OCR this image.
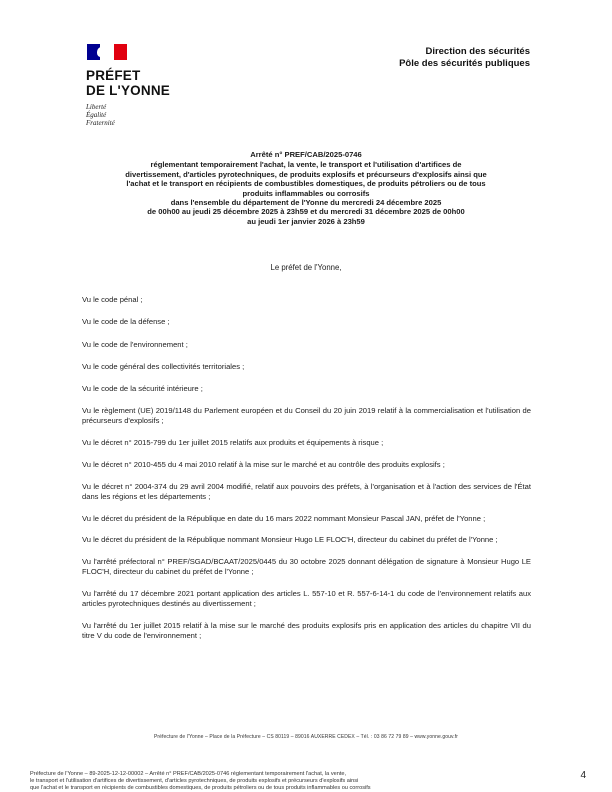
PRÉFET
DE L'YONNE
Liberté
Égalité
Fraternité
Direction des sécurités
Pôle des sécurités publiques
Arrêté n° PREF/CAB/2025-0746
réglementant temporairement l'achat, la vente, le transport et l'utilisation d'artifices de
divertissement, d'articles pyrotechniques, de produits explosifs et précurseurs d'explosifs ainsi que
l'achat et le transport en récipients de combustibles domestiques, de produits pétroliers ou de tous
produits inflammables ou corrosifs
dans l'ensemble du département de l'Yonne du mercredi 24 décembre 2025
de 00h00 au jeudi 25 décembre 2025 à 23h59 et du mercredi 31 décembre 2025 de 00h00
au jeudi 1er janvier 2026 à 23h59
Le préfet de l'Yonne,

Vu le code pénal ;

Vu le code de la défense ;

Vu le code de l'environnement ;

Vu le code général des collectivités territoriales ;

Vu le code de la sécurité intérieure ;

Vu le règlement (UE) 2019/1148 du Parlement européen et du Conseil du 20 juin 2019 relatif à la commercialisation et l'utilisation de précurseurs d'explosifs ;

Vu le décret n° 2015-799 du 1er juillet 2015 relatifs aux produits et équipements à risque ;

Vu le décret n° 2010-455 du 4 mai 2010 relatif à la mise sur le marché et au contrôle des produits explosifs ;

Vu le décret n° 2004-374 du 29 avril 2004 modifié, relatif aux pouvoirs des préfets, à l'organisation et à l'action des services de l'État dans les régions et les départements ;

Vu le décret du président de la République en date du 16 mars 2022 nommant Monsieur Pascal JAN, préfet de l'Yonne ;

Vu le décret du président de la République nommant Monsieur Hugo LE FLOC'H, directeur du cabinet du préfet de l'Yonne ;

Vu l'arrêté préfectoral n° PREF/SGAD/BCAAT/2025/0445 du 30 octobre 2025 donnant délégation de signature à Monsieur Hugo LE FLOC'H, directeur du cabinet du préfet de l'Yonne ;

Vu l'arrêté du 17 décembre 2021 portant application des articles L. 557-10 et R. 557-6-14-1 du code de l'environnement relatifs aux articles pyrotechniques destinés au divertissement ;

Vu l'arrêté du 1er juillet 2015 relatif à la mise sur le marché des produits explosifs pris en application des articles du chapitre VII du titre V du code de l'environnement ;

Préfecture de l'Yonne – Place de la Préfecture – CS 80119 – 89016 AUXERRE CEDEX – Tél. : 03 86 72 79 89 – www.yonne.gouv.fr
Préfecture de l'Yonne – 89-2025-12-12-00002 – Arrêté n° PREF/CAB/2025-0746 réglementant temporairement l'achat, la vente,
le transport et l'utilisation d'artifices de divertissement, d'articles pyrotechniques, de produits explosifs et précurseurs d'explosifs ainsi
que l'achat et le transport en récipients de combustibles domestiques, de produits pétroliers ou de tous produits inflammables ou corrosifs
4
